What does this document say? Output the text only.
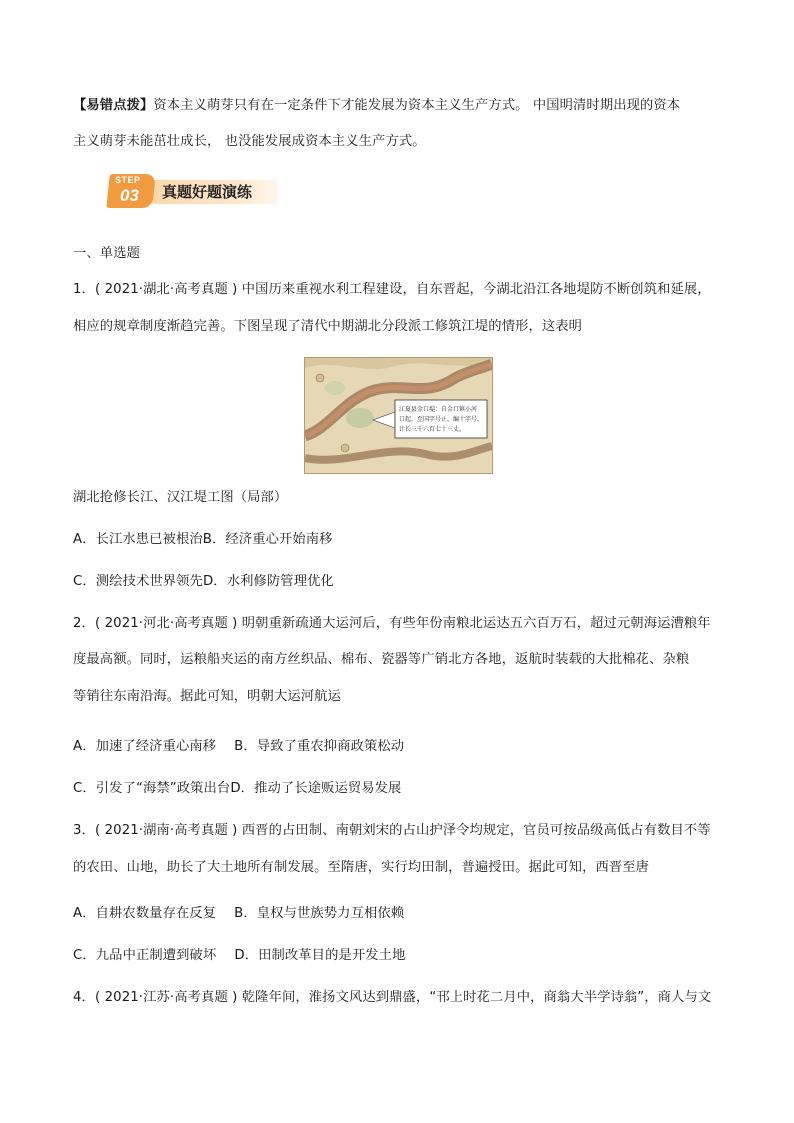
【易错点拨】资本主义萌芽只有在一定条件下才能发展为资本主义生产方式。 中国明清时期出现的资本
主义萌芽未能茁壮成长， 也没能发展成资本主义生产方式。
STEP
03 真题好题演练
一、单选题
1．( 2021·湖北·高考真题 ) 中国历来重视水利工程建设，自东晋起，今湖北沿江各地堤防不断创筑和延展，
相应的规章制度渐趋完善。下图呈现了清代中期湖北分段派工修筑江堤的情形，这表明
江夏县金口堤：自金口镇小河
口起，至国字号止，编十字号，
计长三千六百七十三丈。
湖北抢修长江、汉江堤工图（局部）
A．长江水患已被根治B．经济重心开始南移
C．测绘技术世界领先D．水利修防管理优化
2．( 2021·河北·高考真题 ) 明朝重新疏通大运河后，有些年份南粮北运达五六百万石，超过元朝海运漕粮年
度最高额。同时，运粮船夹运的南方丝织品、棉布、瓷器等广销北方各地，返航时装载的大批棉花、杂粮
等销往东南沿海。据此可知，明朝大运河航运
A．加速了经济重心南移 B．导致了重农抑商政策松动
C．引发了“海禁”政策出台D．推动了长途贩运贸易发展
3．( 2021·湖南·高考真题 ) 西晋的占田制、南朝刘宋的占山护泽令均规定，官员可按品级高低占有数目不等
的农田、山地，助长了大土地所有制发展。至隋唐，实行均田制，普遍授田。据此可知，西晋至唐
A．自耕农数量存在反复 B．皇权与世族势力互相依赖
C．九品中正制遭到破坏 D．田制改革目的是开发土地
4．( 2021·江苏·高考真题 ) 乾隆年间，淮扬文风达到鼎盛，“邗上时花二月中，商翁大半学诗翁”，商人与文
